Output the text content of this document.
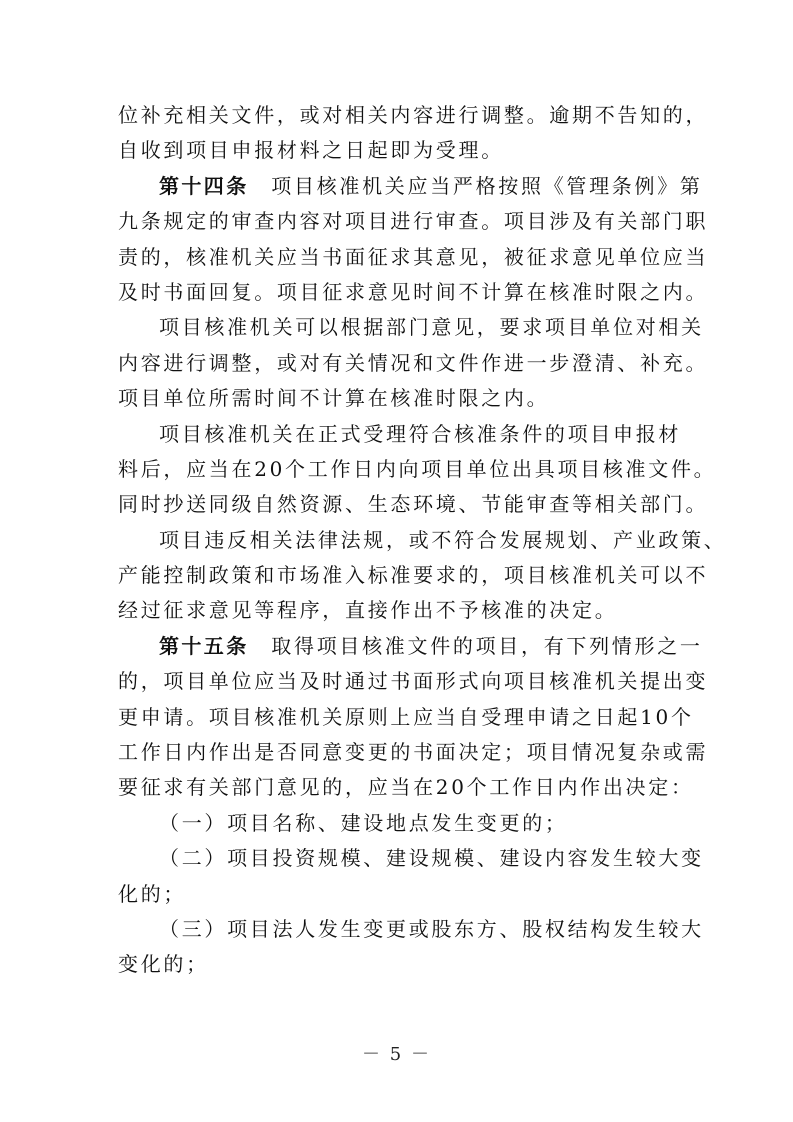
位补充相关文件，或对相关内容进行调整。逾期不告知的，
自收到项目申报材料之日起即为受理。
第十四条　项目核准机关应当严格按照《管理条例》第
九条规定的审查内容对项目进行审查。项目涉及有关部门职
责的，核准机关应当书面征求其意见，被征求意见单位应当
及时书面回复。项目征求意见时间不计算在核准时限之内。
项目核准机关可以根据部门意见，要求项目单位对相关
内容进行调整，或对有关情况和文件作进一步澄清、补充。
项目单位所需时间不计算在核准时限之内。
项目核准机关在正式受理符合核准条件的项目申报材
料后，应当在20个工作日内向项目单位出具项目核准文件。
同时抄送同级自然资源、生态环境、节能审查等相关部门。
项目违反相关法律法规，或不符合发展规划、产业政策、
产能控制政策和市场准入标准要求的，项目核准机关可以不
经过征求意见等程序，直接作出不予核准的决定。
第十五条　取得项目核准文件的项目，有下列情形之一
的，项目单位应当及时通过书面形式向项目核准机关提出变
更申请。项目核准机关原则上应当自受理申请之日起10个
工作日内作出是否同意变更的书面决定；项目情况复杂或需
要征求有关部门意见的，应当在20个工作日内作出决定：
（一）项目名称、建设地点发生变更的；
（二）项目投资规模、建设规模、建设内容发生较大变
化的；
（三）项目法人发生变更或股东方、股权结构发生较大
变化的；
－ 5 －
